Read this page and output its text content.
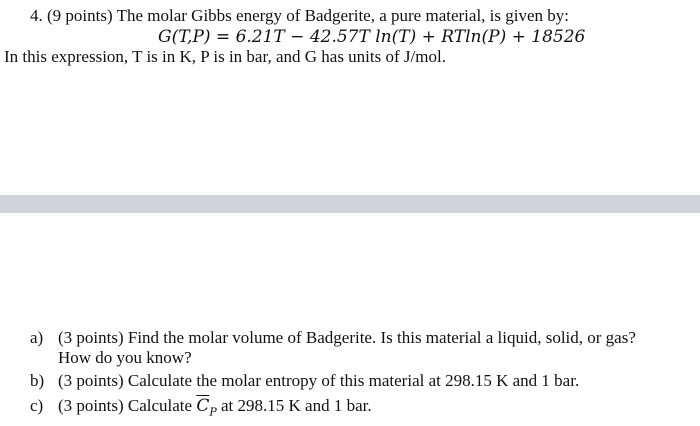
4. (9 points) The molar Gibbs energy of Badgerite, a pure material, is given by:
G(T,P) = 6.21T − 42.57T ln(T) + RTln(P) + 18526
In this expression, T is in K, P is in bar, and G has units of J/mol.
a) (3 points) Find the molar volume of Badgerite. Is this material a liquid, solid, or gas?
How do you know?
b) (3 points) Calculate the molar entropy of this material at 298.15 K and 1 bar.
c) (3 points) Calculate $\overline{C}_P$ at 298.15 K and 1 bar.
